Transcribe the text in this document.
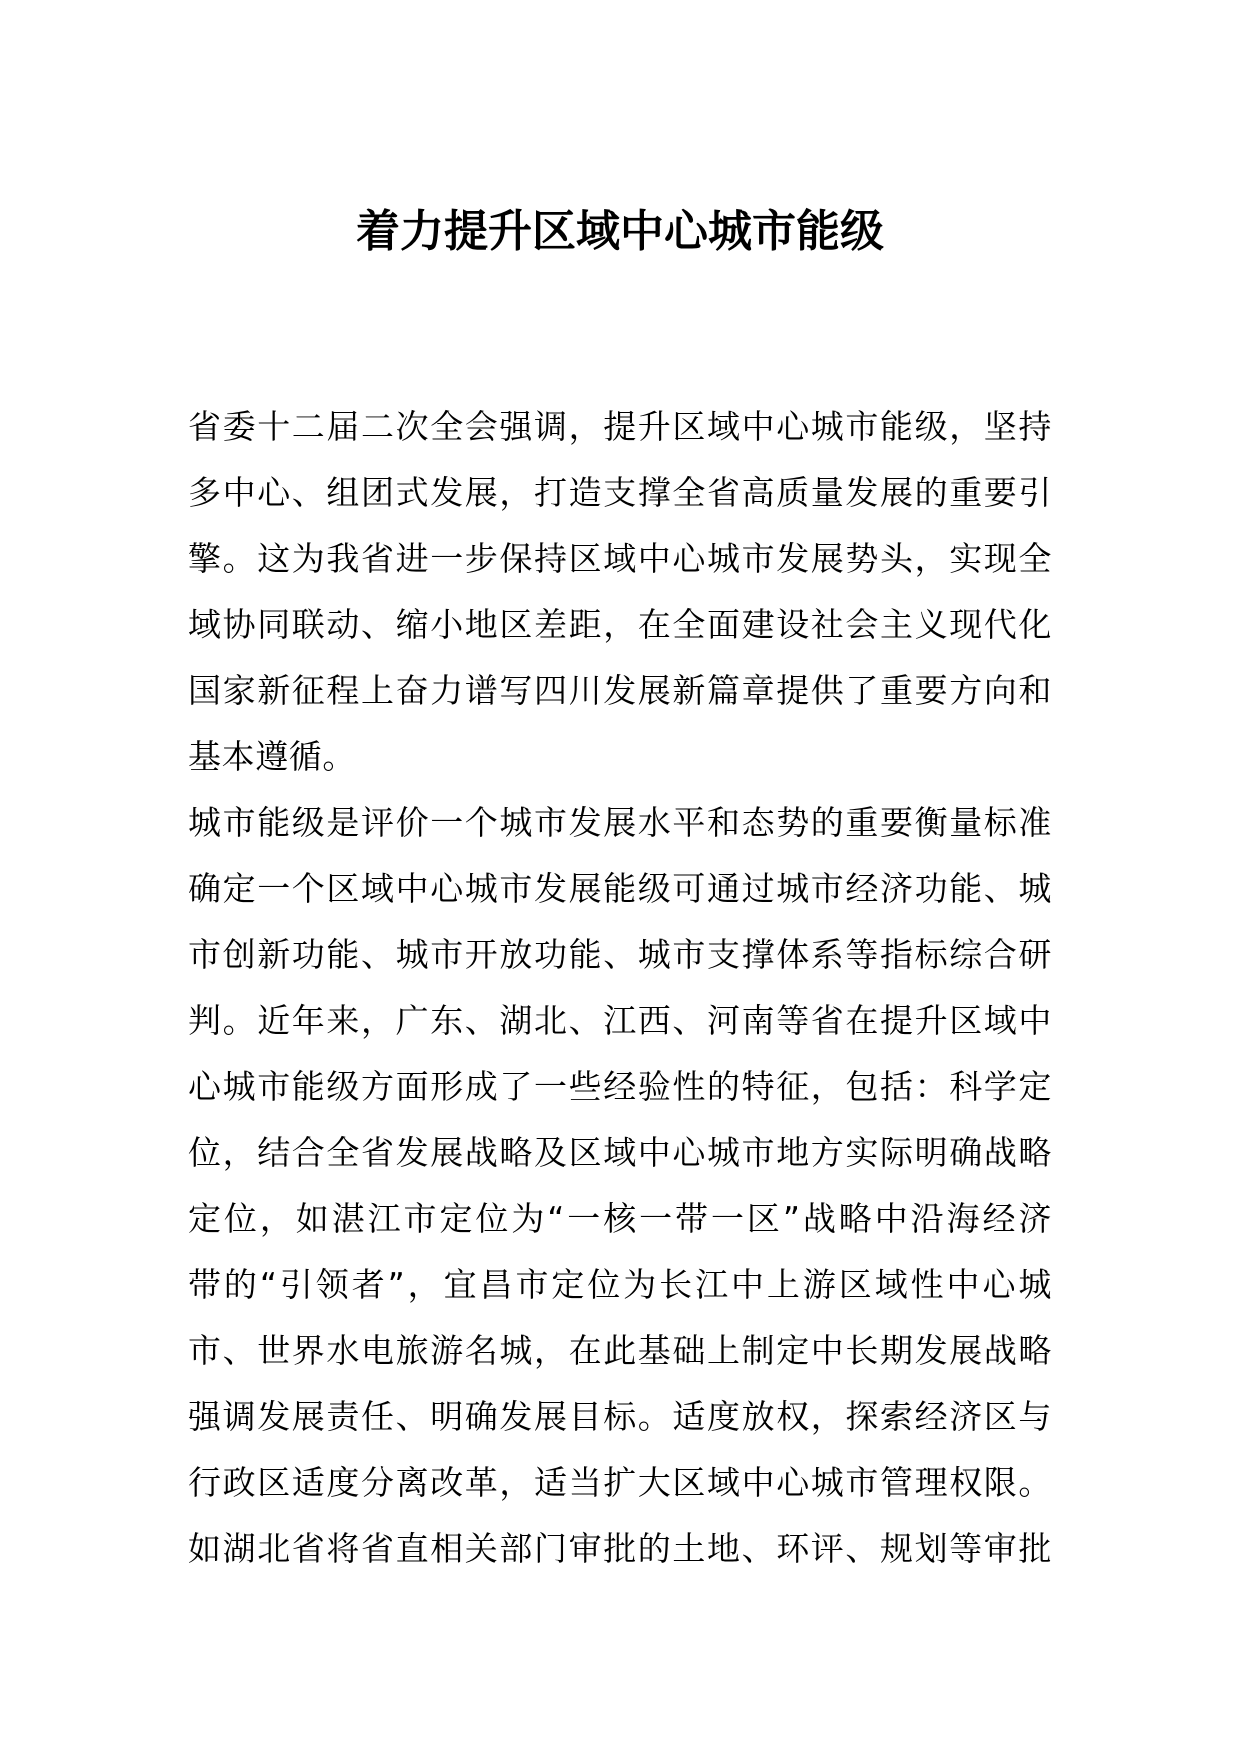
着力提升区域中心城市能级
省委十二届二次全会强调，提升区域中心城市能级，坚持
多中心、组团式发展，打造支撑全省高质量发展的重要引
擎。这为我省进一步保持区域中心城市发展势头，实现全
域协同联动、缩小地区差距，在全面建设社会主义现代化
国家新征程上奋力谱写四川发展新篇章提供了重要方向和
基本遵循。
城市能级是评价一个城市发展水平和态势的重要衡量标准
确定一个区域中心城市发展能级可通过城市经济功能、城
市创新功能、城市开放功能、城市支撑体系等指标综合研
判。近年来，广东、湖北、江西、河南等省在提升区域中
心城市能级方面形成了一些经验性的特征，包括：科学定
位，结合全省发展战略及区域中心城市地方实际明确战略
定位，如湛江市定位为“一核一带一区”战略中沿海经济
带的“引领者”，宜昌市定位为长江中上游区域性中心城
市、世界水电旅游名城，在此基础上制定中长期发展战略
强调发展责任、明确发展目标。适度放权，探索经济区与
行政区适度分离改革，适当扩大区域中心城市管理权限。
如湖北省将省直相关部门审批的土地、环评、规划等审批
